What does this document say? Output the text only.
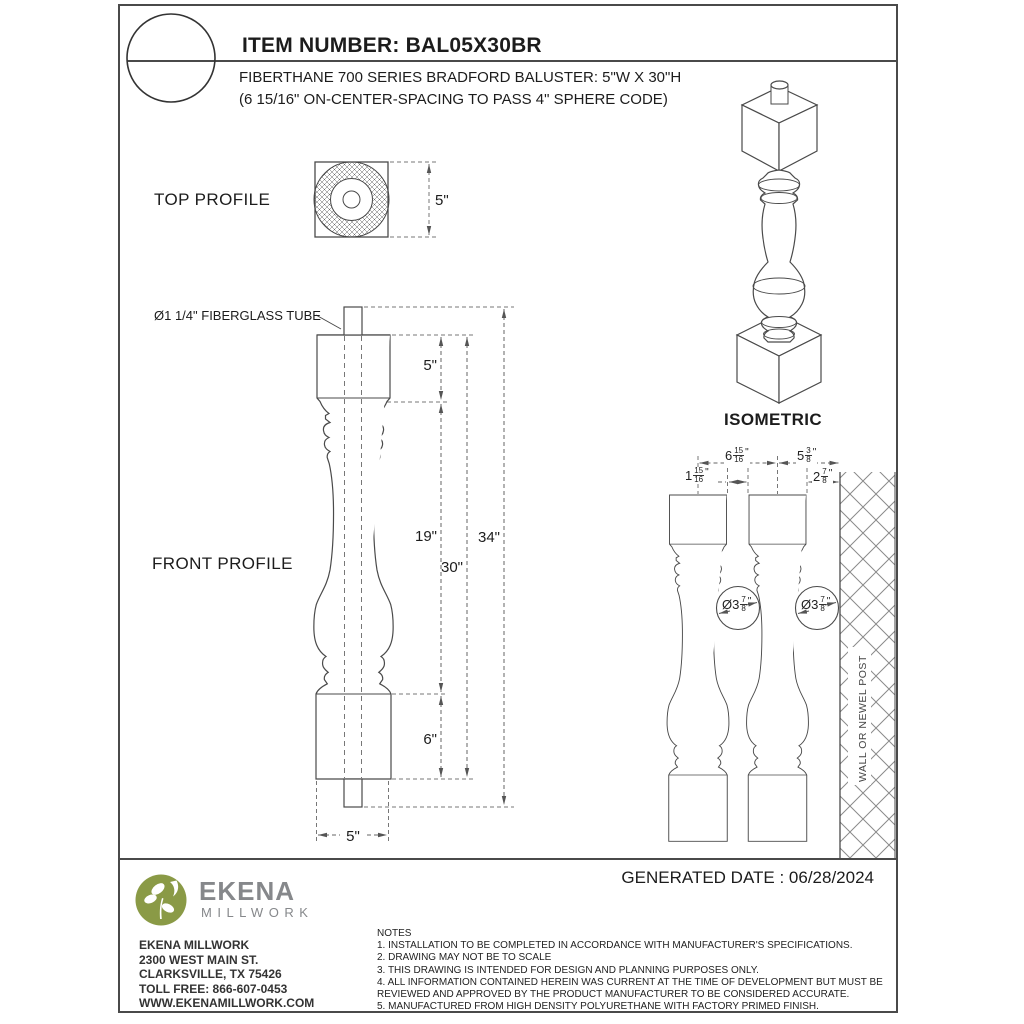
ITEM NUMBER: BAL05X30BR
FIBERTHANE 700 SERIES BRADFORD BALUSTER: 5"W X 30"H
(6 15/16" ON-CENTER-SPACING TO PASS 4" SPHERE CODE)
TOP PROFILE	5"
FRONT PROFILE
Ø1 1/4" FIBERGLASS TUBE
5"
19"
6"
30"
34"
5"
ISOMETRIC
WALL OR NEWEL POST
$6 \frac{15}{16}$ "	$5 \frac{3}{8}$ "
$1 \frac{15}{16}$ "	$2 \frac{7}{8}$ "
Ø3 $\frac{7}{8}$ "	Ø3 $\frac{7}{8}$ "
GENERATED DATE : 06/28/2024
EKENA
MILLWORK
EKENA MILLWORK
2300 WEST MAIN ST.
CLARKSVILLE, TX 75426
TOLL FREE: 866-607-0453
WWW.EKENAMILLWORK.COM
NOTES
1. INSTALLATION TO BE COMPLETED IN ACCORDANCE WITH MANUFACTURER'S SPECIFICATIONS.
2. DRAWING MAY NOT BE TO SCALE
3. THIS DRAWING IS INTENDED FOR DESIGN AND PLANNING PURPOSES ONLY.
4. ALL INFORMATION CONTAINED HEREIN WAS CURRENT AT THE TIME OF DEVELOPMENT BUT MUST BE REVIEWED AND APPROVED BY THE PRODUCT MANUFACTURER TO BE CONSIDERED ACCURATE.
5. MANUFACTURED FROM HIGH DENSITY POLYURETHANE WITH FACTORY PRIMED FINISH.
